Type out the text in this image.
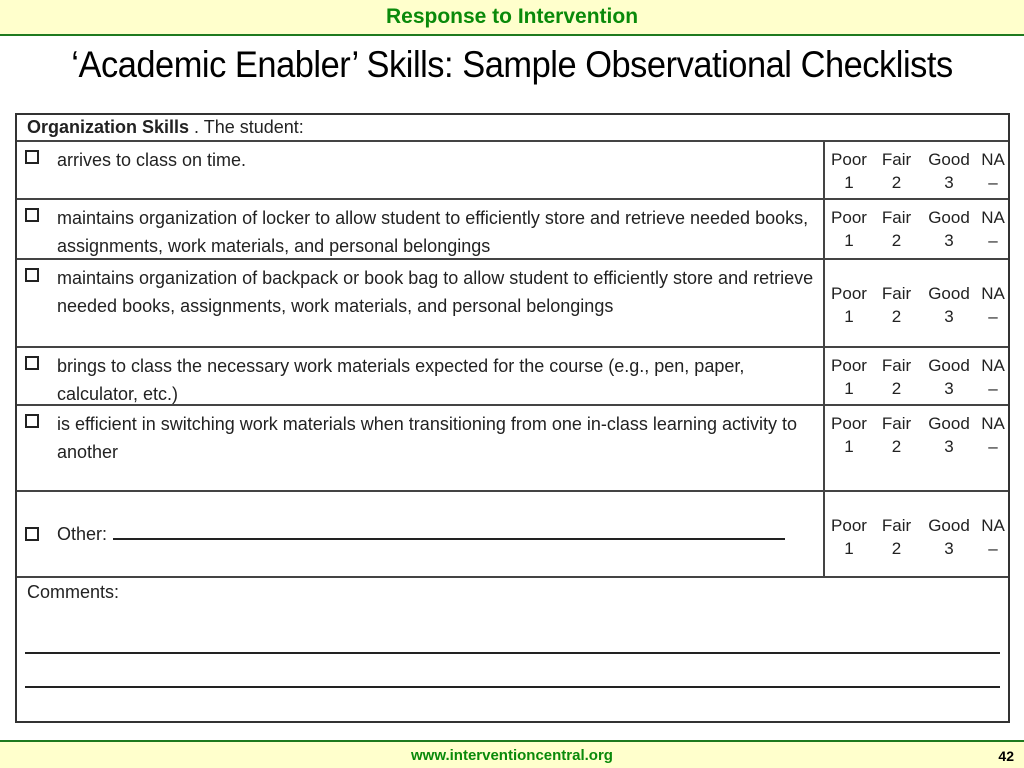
Response to Intervention
‘Academic Enabler’ Skills: Sample Observational Checklists
Organization Skills . The student:
arrives to class on time.	Poor Fair	Good NA
1	2	3	–
maintains organization of locker to allow student to efficiently store and retrieve needed books, assignments, work materials, and personal belongings
Poor Fair	Good NA
1	2	3	–
maintains organization of backpack or book bag to allow student to efficiently store and retrieve needed books, assignments, work materials, and personal belongings
Poor Fair	Good NA
1	2	3	–
brings to class the necessary work materials expected for the course (e.g., pen, paper, calculator, etc.)
Poor Fair	Good NA
1	2	3	–
is efficient in switching work materials when transitioning from one in-class learning activity to another
Poor Fair	Good NA
1	2	3	–
Other:	Poor Fair	Good NA
1	2	3	–
Comments:
www.interventioncentral.org	42
